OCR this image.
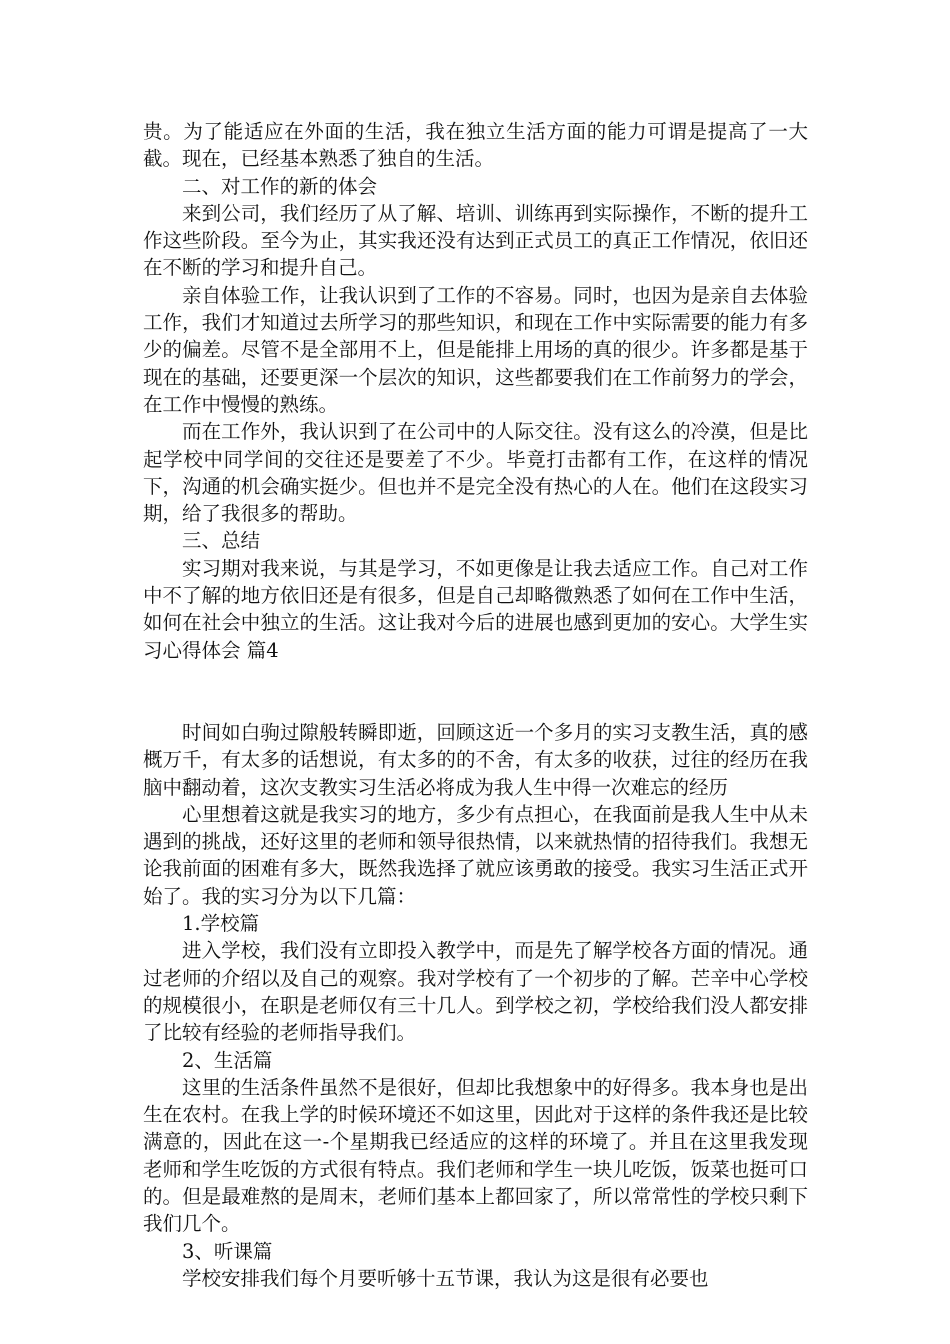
贵。为了能适应在外面的生活，我在独立生活方面的能力可谓是提高了一大截。现在，已经基本熟悉了独自的生活。

二、对工作的新的体会

来到公司，我们经历了从了解、培训、训练再到实际操作，不断的提升工作这些阶段。至今为止，其实我还没有达到正式员工的真正工作情况，依旧还在不断的学习和提升自己。

亲自体验工作，让我认识到了工作的不容易。同时，也因为是亲自去体验工作，我们才知道过去所学习的那些知识，和现在工作中实际需要的能力有多少的偏差。尽管不是全部用不上，但是能排上用场的真的很少。许多都是基于现在的基础，还要更深一个层次的知识，这些都要我们在工作前努力的学会，在工作中慢慢的熟练。

而在工作外，我认识到了在公司中的人际交往。没有这么的冷漠，但是比起学校中同学间的交往还是要差了不少。毕竟打击都有工作，在这样的情况下，沟通的机会确实挺少。但也并不是完全没有热心的人在。他们在这段实习期，给了我很多的帮助。

三、总结

实习期对我来说，与其是学习，不如更像是让我去适应工作。自己对工作中不了解的地方依旧还是有很多，但是自己却略微熟悉了如何在工作中生活，如何在社会中独立的生活。这让我对今后的进展也感到更加的安心。大学生实习心得体会 篇4

时间如白驹过隙般转瞬即逝，回顾这近一个多月的实习支教生活，真的感概万千，有太多的话想说，有太多的的不舍，有太多的收获，过往的经历在我脑中翻动着，这次支教实习生活必将成为我人生中得一次难忘的经历

心里想着这就是我实习的地方，多少有点担心，在我面前是我人生中从未遇到的挑战，还好这里的老师和领导很热情，以来就热情的招待我们。我想无论我前面的困难有多大，既然我选择了就应该勇敢的接受。我实习生活正式开始了。我的实习分为以下几篇：

1.学校篇

进入学校，我们没有立即投入教学中，而是先了解学校各方面的情况。通过老师的介绍以及自己的观察。我对学校有了一个初步的了解。芒辛中心学校的规模很小，在职是老师仅有三十几人。到学校之初，学校给我们没人都安排了比较有经验的老师指导我们。

2、生活篇

这里的生活条件虽然不是很好，但却比我想象中的好得多。我本身也是出生在农村。在我上学的时候环境还不如这里，因此对于这样的条件我还是比较满意的，因此在这一-个星期我已经适应的这样的环境了。并且在这里我发现老师和学生吃饭的方式很有特点。我们老师和学生一块儿吃饭，饭菜也挺可口的。但是最难熬的是周末，老师们基本上都回家了，所以常常性的学校只剩下我们几个。

3、听课篇

学校安排我们每个月要听够十五节课，我认为这是很有必要也
